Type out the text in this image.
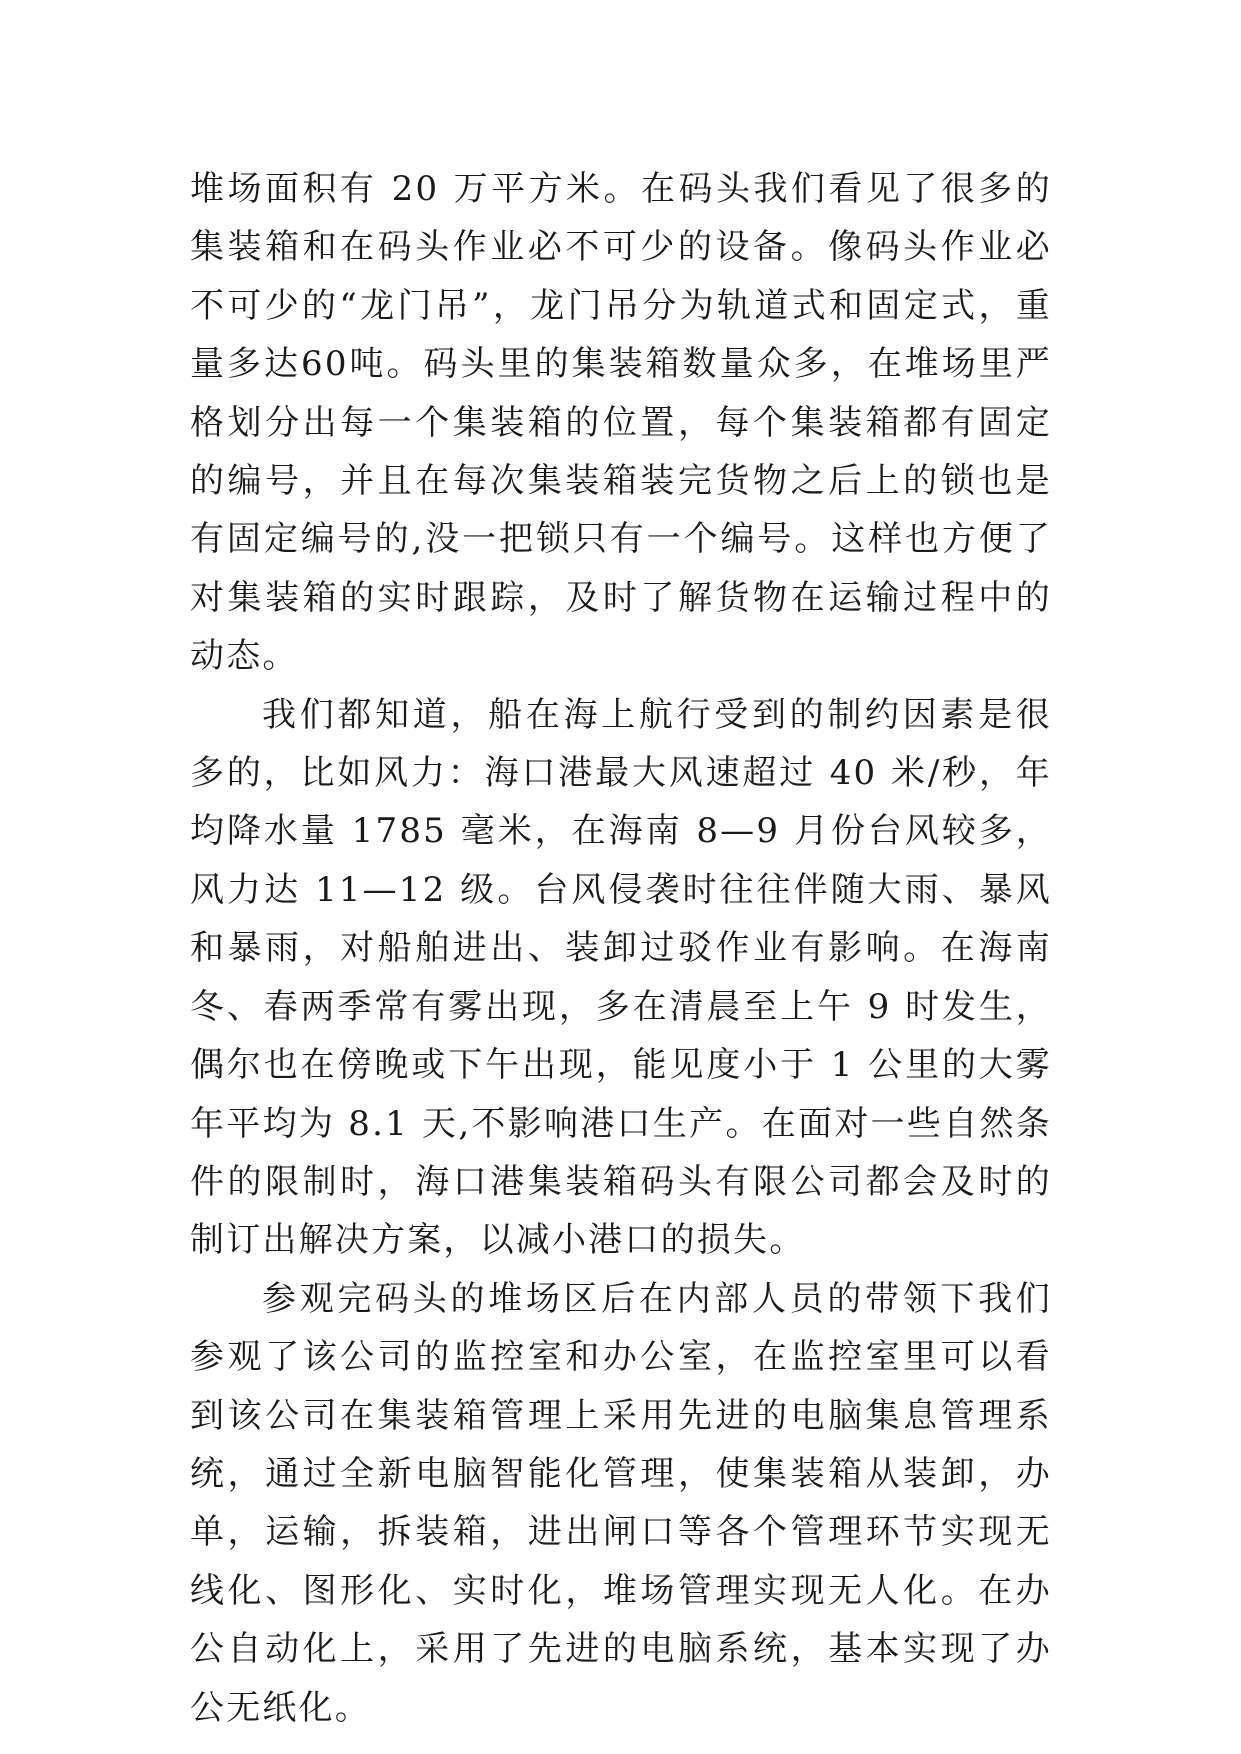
堆场面积有 20 万平方米。在码头我们看见了很多的集装箱和在码头作业必不可少的设备。像码头作业必不可少的“龙门吊”，龙门吊分为轨道式和固定式，重量多达60吨。码头里的集装箱数量众多，在堆场里严格划分出每一个集装箱的位置，每个集装箱都有固定的编号，并且在每次集装箱装完货物之后上的锁也是有固定编号的,没一把锁只有一个编号。这样也方便了对集装箱的实时跟踪，及时了解货物在运输过程中的动态。

我们都知道，船在海上航行受到的制约因素是很多的，比如风力：海口港最大风速超过 40 米/秒，年均降水量 1785 毫米，在海南 8—9 月份台风较多，风力达 11—12 级。台风侵袭时往往伴随大雨、暴风和暴雨，对船舶进出、装卸过驳作业有影响。在海南冬、春两季常有雾出现，多在清晨至上午 9 时发生，偶尔也在傍晚或下午出现，能见度小于 1 公里的大雾年平均为 8.1 天,不影响港口生产。在面对一些自然条件的限制时，海口港集装箱码头有限公司都会及时的制订出解决方案，以减小港口的损失。

参观完码头的堆场区后在内部人员的带领下我们参观了该公司的监控室和办公室，在监控室里可以看到该公司在集装箱管理上采用先进的电脑集息管理系统，通过全新电脑智能化管理，使集装箱从装卸，办单，运输，拆装箱，进出闸口等各个管理环节实现无线化、图形化、实时化，堆场管理实现无人化。在办公自动化上，采用了先进的电脑系统，基本实现了办公无纸化。
